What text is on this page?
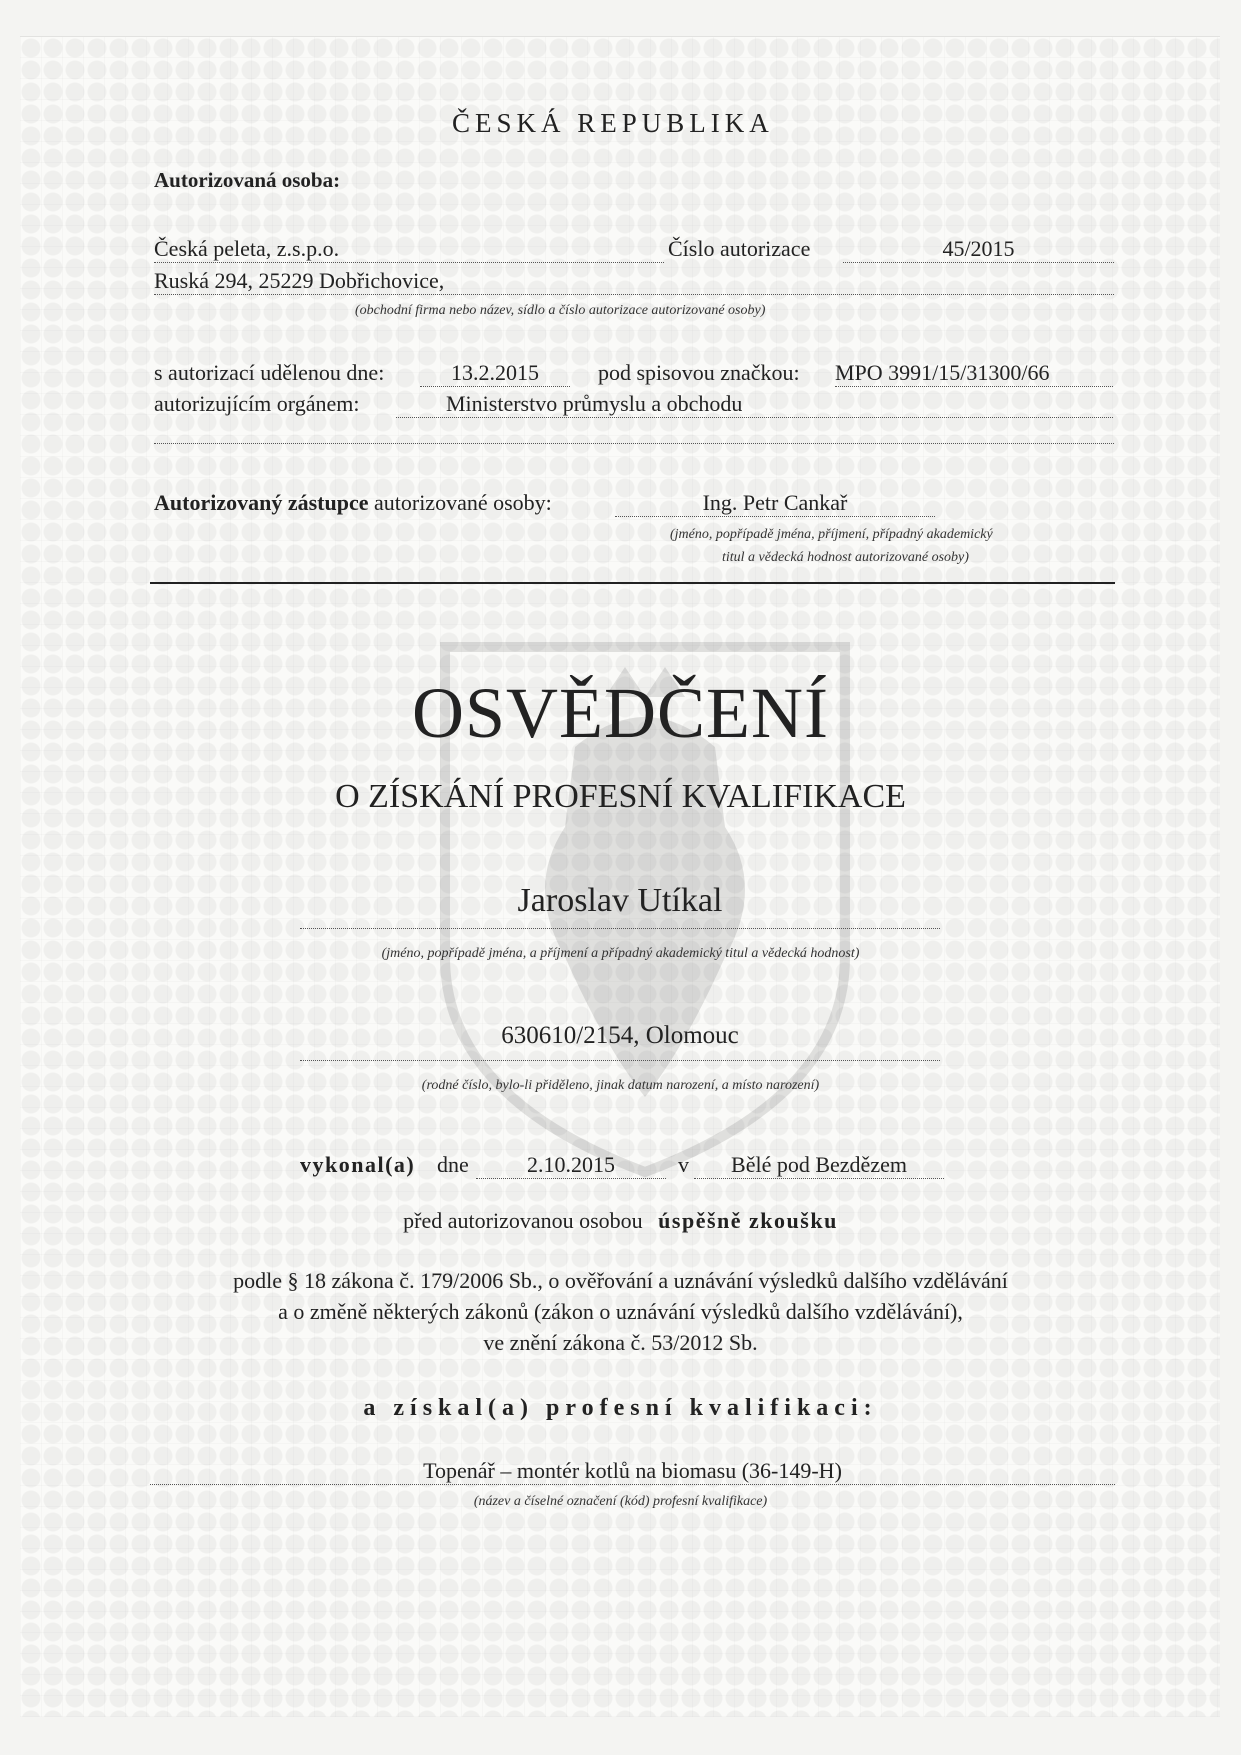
ČESKÁ REPUBLIKA
Autorizovaná osoba:
Česká peleta, z.s.p.o.	Číslo autorizace	45/2015
Ruská 294, 25229 Dobřichovice,
(obchodní firma nebo název, sídlo a číslo autorizace autorizované osoby)
s autorizací udělenou dne:	13.2.2015	pod spisovou značkou: MPO 3991/15/31300/66
autorizujícím orgánem:	Ministerstvo průmyslu a obchodu
Autorizovaný zástupce autorizované osoby:	Ing. Petr Cankař
(jméno, popřípadě jména, příjmení, případný akademický
titul a vědecká hodnost autorizované osoby)
OSVĚDČENÍ
O ZÍSKÁNÍ PROFESNÍ KVALIFIKACE
Jaroslav Utíkal
(jméno, popřípadě jména, a příjmení a případný akademický titul a vědecká hodnost)
630610/2154, Olomouc
(rodné číslo, bylo-li přiděleno, jinak datum narození, a místo narození)
vykonal(a) dne	2.10.2015	v	Bělé pod Bezdězem
před autorizovanou osobou úspěšně zkoušku
podle § 18 zákona č. 179/2006 Sb., o ověřování a uznávání výsledků dalšího vzdělávání
a o změně některých zákonů (zákon o uznávání výsledků dalšího vzdělávání),
ve znění zákona č. 53/2012 Sb.
a získal(a) profesní kvalifikaci:
Topenář – montér kotlů na biomasu (36-149-H)
(název a číselné označení (kód) profesní kvalifikace)
